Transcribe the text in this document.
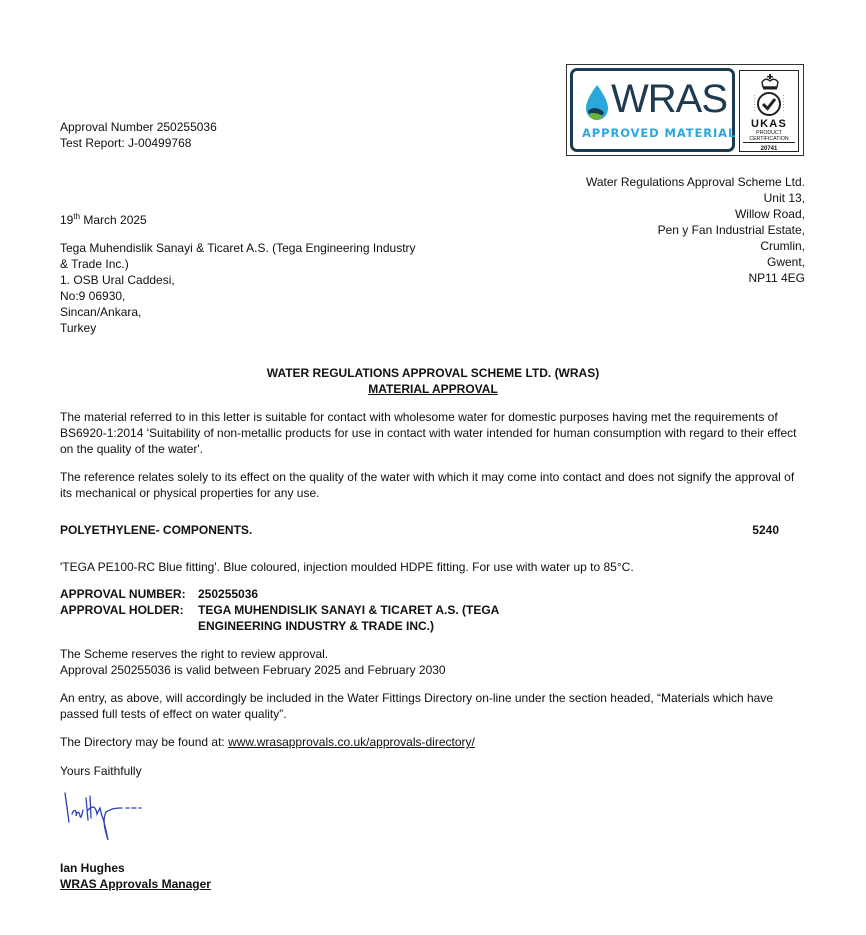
WRAS
APPROVED MATERIAL
UKAS
PRODUCT
CERTIFICATION
20741
Approval Number 250255036
Test Report: J-00499768
Water Regulations Approval Scheme Ltd.
Unit 13,
Willow Road,
Pen y Fan Industrial Estate,
Crumlin,
Gwent,
NP11 4EG
19th March 2025
Tega Muhendislik Sanayi & Ticaret A.S. (Tega Engineering Industry
& Trade Inc.)
1. OSB Ural Caddesi,
No:9 06930,
Sincan/Ankara,
Turkey
WATER REGULATIONS APPROVAL SCHEME LTD. (WRAS)
MATERIAL APPROVAL

The material referred to in this letter is suitable for contact with wholesome water for domestic purposes having met the requirements of BS6920-1:2014 'Suitability of non-metallic products for use in contact with water intended for human consumption with regard to their effect on the quality of the water'.

The reference relates solely to its effect on the quality of the water with which it may come into contact and does not signify the approval of its mechanical or physical properties for any use.

POLYETHYLENE- COMPONENTS.	5240
'TEGA PE100-RC Blue fitting'. Blue coloured, injection moulded HDPE fitting. For use with water up to 85°C.
APPROVAL NUMBER:	250255036
APPROVAL HOLDER:	TEGA MUHENDISLIK SANAYI & TICARET A.S. (TEGA ENGINEERING INDUSTRY & TRADE INC.)
The Scheme reserves the right to review approval.
Approval 250255036 is valid between February 2025 and February 2030

An entry, as above, will accordingly be included in the Water Fittings Directory on-line under the section headed, “Materials which have passed full tests of effect on water quality”.

The Directory may be found at: www.wrasapprovals.co.uk/approvals-directory/
Yours Faithfully
Ian Hughes
WRAS Approvals Manager
